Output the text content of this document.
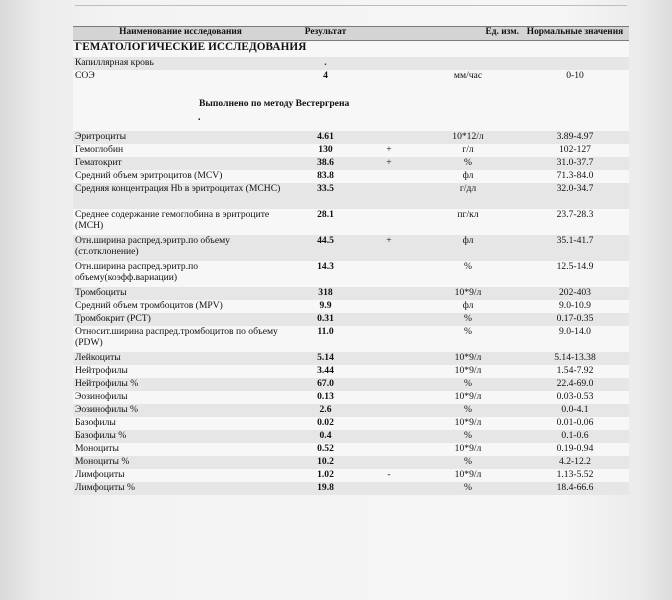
Наименование исследования	Результат		Ед. изм.	Нормальные значения
ГЕМАТОЛОГИЧЕСКИЕ ИССЛЕДОВАНИЯ				
Капиллярная кровь	.			
СОЭ	4		мм/час	0-10
Выполнено по методу Вестергрена				

.				

Эритроциты	4.61		10*12/л	3.89-4.97
Гемоглобин	130	+	г/л	102-127
Гематокрит	38.6	+	%	31.0-37.7
Средний объем эритроцитов (MCV)	83.8		фл	71.3-84.0
Средняя концентрация Hb в эритроцитах (MCHC)	33.5		г/дл	32.0-34.7
Среднее содержание гемоглобина в эритроците (MCH)	28.1		пг/кл	23.7-28.3
Отн.ширина распред.эритр.по объему (ст.отклонение)	44.5	+	фл	35.1-41.7
Отн.ширина распред.эритр.по объему(коэфф.вариации)	14.3		%	12.5-14.9
Тромбоциты	318		10*9/л	202-403
Средний объем тромбоцитов (MPV)	9.9		фл	9.0-10.9
Тромбокрит (PCT)	0.31		%	0.17-0.35
Относит.ширина распред.тромбоцитов по объему (PDW)	11.0		%	9.0-14.0
Лейкоциты	5.14		10*9/л	5.14-13.38
Нейтрофилы	3.44		10*9/л	1.54-7.92
Нейтрофилы %	67.0		%	22.4-69.0
Эозинофилы	0.13		10*9/л	0.03-0.53
Эозинофилы %	2.6		%	0.0-4.1
Базофилы	0.02		10*9/л	0.01-0.06
Базофилы %	0.4		%	0.1-0.6
Моноциты	0.52		10*9/л	0.19-0.94
Моноциты %	10.2		%	4.2-12.2
Лимфоциты	1.02	-	10*9/л	1.13-5.52
Лимфоциты %	19.8		%	18.4-66.6
